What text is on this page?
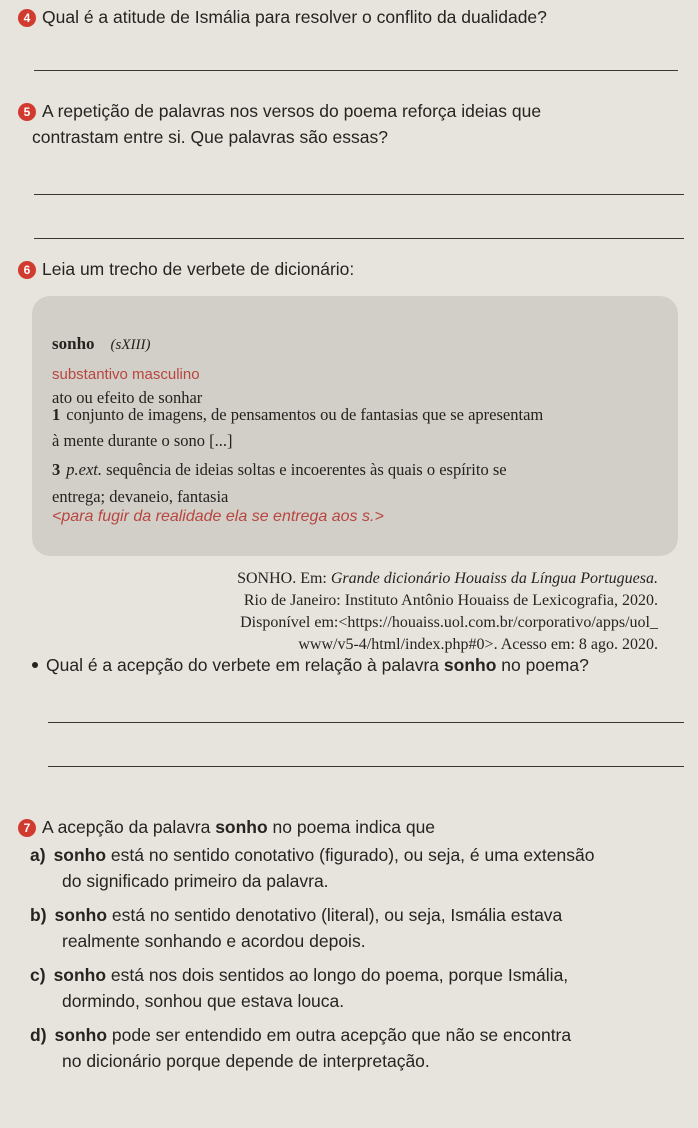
4 Qual é a atitude de Ismália para resolver o conflito da dualidade?
5 A repetição de palavras nos versos do poema reforça ideias que
contrastam entre si. Que palavras são essas?
6 Leia um trecho de verbete de dicionário:
sonho (sXIII)
substantivo masculino
ato ou efeito de sonhar
1 conjunto de imagens, de pensamentos ou de fantasias que se apresentam
à mente durante o sono [...]
3 p.ext. sequência de ideias soltas e incoerentes às quais o espírito se
entrega; devaneio, fantasia
<para fugir da realidade ela se entrega aos s.>
SONHO. Em: Grande dicionário Houaiss da Língua Portuguesa.
Rio de Janeiro: Instituto Antônio Houaiss de Lexicografia, 2020.
Disponível em:<https://houaiss.uol.com.br/corporativo/apps/uol_
www/v5-4/html/index.php#0>. Acesso em: 8 ago. 2020.
Qual é a acepção do verbete em relação à palavra sonho no poema?
7 A acepção da palavra sonho no poema indica que
a) sonho está no sentido conotativo (figurado), ou seja, é uma extensão
do significado primeiro da palavra.
b) sonho está no sentido denotativo (literal), ou seja, Ismália estava
realmente sonhando e acordou depois.
c) sonho está nos dois sentidos ao longo do poema, porque Ismália,
dormindo, sonhou que estava louca.
d) sonho pode ser entendido em outra acepção que não se encontra
no dicionário porque depende de interpretação.
